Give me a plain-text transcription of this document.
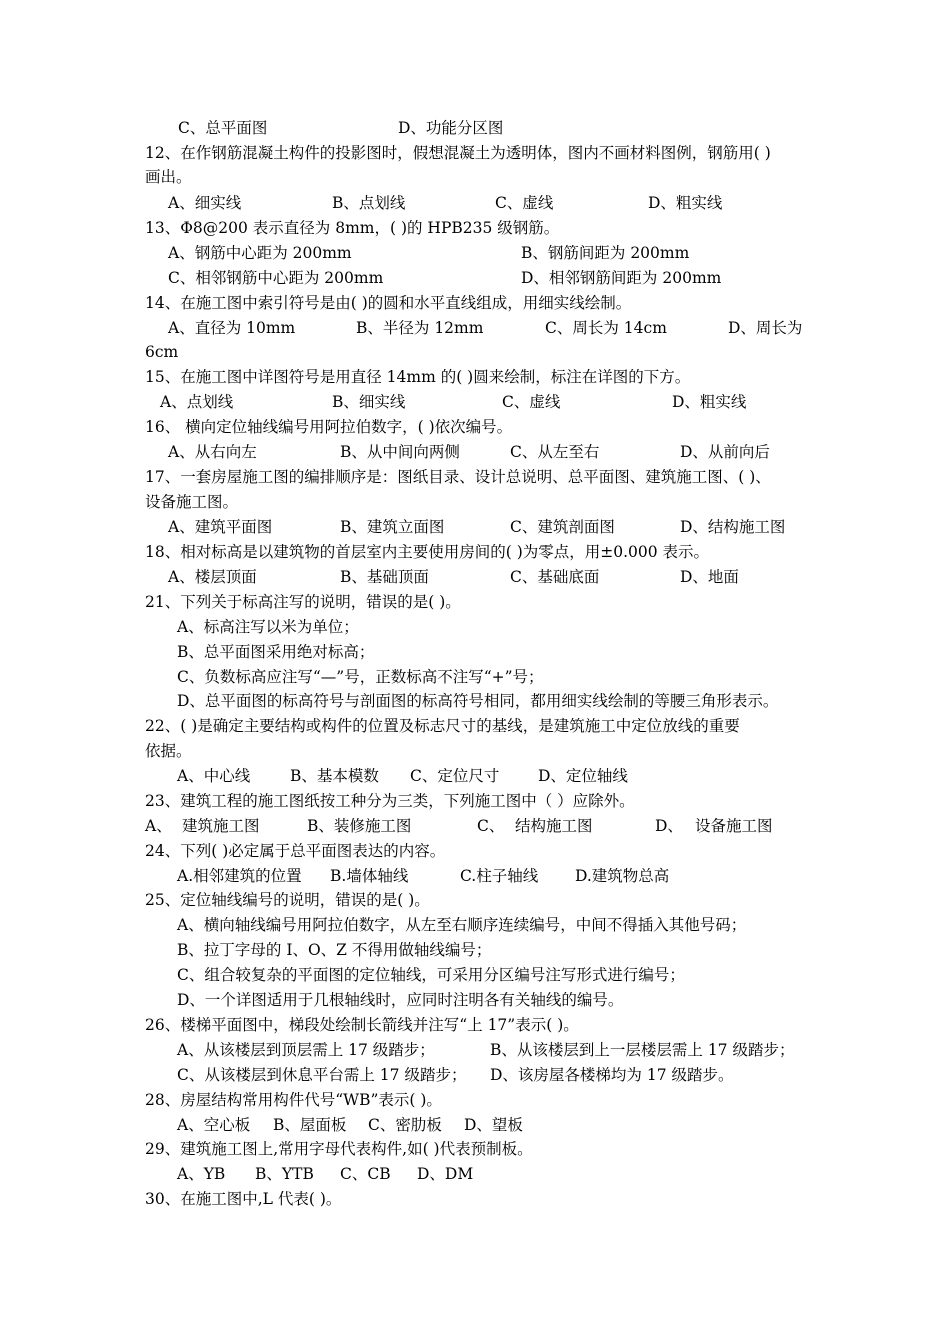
C、总平面图	D、功能分区图
12、在作钢筋混凝土构件的投影图时，假想混凝土为透明体，图内不画材料图例，钢筋用( )
画出。
A、细实线	B、点划线	C、虚线	D、粗实线
13、Φ8@200 表示直径为 8mm，( )的 HPB235 级钢筋。
A、钢筋中心距为 200mm	B、钢筋间距为 200mm
C、相邻钢筋中心距为 200mm	D、相邻钢筋间距为 200mm
14、在施工图中索引符号是由( )的圆和水平直线组成，用细实线绘制。
A、直径为 10mm	B、半径为 12mm	C、周长为 14cm	D、周长为
6cm
15、在施工图中详图符号是用直径 14mm 的( )圆来绘制，标注在详图的下方。
A、点划线	B、细实线	C、虚线	D、粗实线
16、 横向定位轴线编号用阿拉伯数字，( )依次编号。
A、从右向左	B、从中间向两侧	C、从左至右	D、从前向后
17、一套房屋施工图的编排顺序是：图纸目录、设计总说明、总平面图、建筑施工图、( )、
设备施工图。
A、建筑平面图	B、建筑立面图	C、建筑剖面图	D、结构施工图
18、相对标高是以建筑物的首层室内主要使用房间的( )为零点，用±0.000 表示。
A、楼层顶面	B、基础顶面	C、基础底面	D、地面
21、下列关于标高注写的说明，错误的是( )。
A、标高注写以米为单位；
B、总平面图采用绝对标高；
C、负数标高应注写“—”号，正数标高不注写“+”号；
D、总平面图的标高符号与剖面图的标高符号相同，都用细实线绘制的等腰三角形表示。
22、( )是确定主要结构或构件的位置及标志尺寸的基线，是建筑施工中定位放线的重要
依据。
A、中心线	B、基本模数 C、定位尺寸 D、定位轴线
23、建筑工程的施工图纸按工种分为三类，下列施工图中（ ）应除外。
A、 建筑施工图	B、装修施工图	C、 结构施工图	D、 设备施工图
24、下列( )必定属于总平面图表达的内容。
A.相邻建筑的位置 B.墙体轴线	C.柱子轴线 D.建筑物总高
25、定位轴线编号的说明，错误的是( )。
A、横向轴线编号用阿拉伯数字，从左至右顺序连续编号，中间不得插入其他号码；
B、拉丁字母的 I、O、Z 不得用做轴线编号；
C、组合较复杂的平面图的定位轴线，可采用分区编号注写形式进行编号；
D、一个详图适用于几根轴线时，应同时注明各有关轴线的编号。
26、楼梯平面图中，梯段处绘制长箭线并注写“上 17”表示( )。
A、从该楼层到顶层需上 17 级踏步；	B、从该楼层到上一层楼层需上 17 级踏步；
C、从该楼层到休息平台需上 17 级踏步； D、该房屋各楼梯均为 17 级踏步。
28、房屋结构常用构件代号“WB”表示( )。
A、空心板 B、屋面板 C、密肋板 D、望板
29、建筑施工图上,常用字母代表构件,如( )代表预制板。
A、YB B、YTB C、CB D、DM
30、在施工图中,L 代表( )。
